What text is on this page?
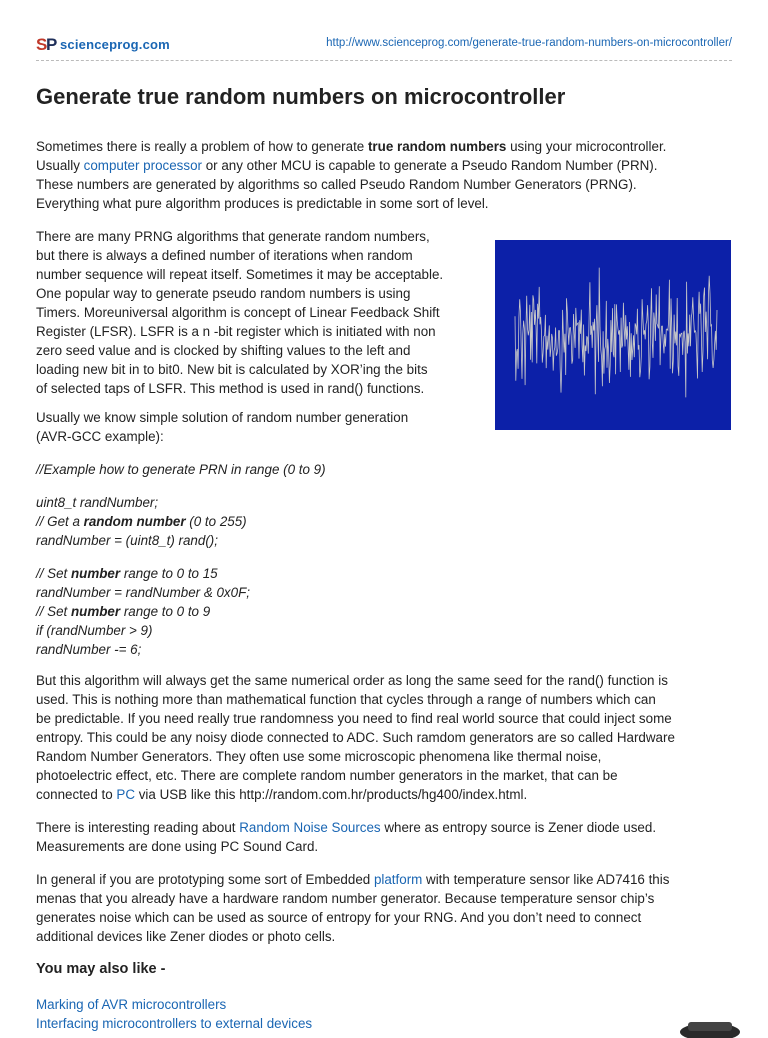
S
P scienceprog.com	http://www.scienceprog.com/generate-true-random-numbers-on-microcontroller/
Generate true random numbers on microcontroller

Sometimes there is really a problem of how to generate true random numbers using your microcontroller.
Usually computer processor or any other MCU is capable to generate a Pseudo Random Number (PRN).
These numbers are generated by algorithms so called Pseudo Random Number Generators (PRNG).
Everything what pure algorithm produces is predictable in some sort of level.

There are many PRNG algorithms that generate random numbers,
but there is always a defined number of iterations when random
number sequence will repeat itself. Sometimes it may be acceptable.
One popular way to generate pseudo random numbers is using
Timers. Moreuniversal algorithm is concept of Linear Feedback Shift
Register (LFSR). LSFR is a n -bit register which is initiated with non
zero seed value and is clocked by shifting values to the left and
loading new bit in to bit0. New bit is calculated by XOR’ing the bits
of selected taps of LSFR. This method is used in rand() functions.

Usually we know simple solution of random number generation
(AVR-GCC example):

//Example how to generate PRN in range (0 to 9)

uint8_t randNumber;
// Get a random number (0 to 255)
randNumber = (uint8_t) rand();

// Set number range to 0 to 15
randNumber = randNumber & 0x0F;
// Set number range to 0 to 9
if (randNumber > 9)
randNumber -= 6;

But this algorithm will always get the same numerical order as long the same seed for the rand() function is
used. This is nothing more than mathematical function that cycles through a range of numbers which can
be predictable. If you need really true randomness you need to find real world source that could inject some
entropy. This could be any noisy diode connected to ADC. Such ramdom generators are so called Hardware
Random Number Generators. They often use some microscopic phenomena like thermal noise,
photoelectric effect, etc. There are complete random number generators in the market, that can be
connected to PC via USB like this http://random.com.hr/products/hg400/index.html.

There is interesting reading about Random Noise Sources where as entropy source is Zener diode used.
Measurements are done using PC Sound Card.

In general if you are prototyping some sort of Embedded platform with temperature sensor like AD7416 this
menas that you already have a hardware random number generator. Because temperature sensor chip’s
generates noise which can be used as source of entropy for your RNG. And you don’t need to connect
additional devices like Zener diodes or photo cells.

You may also like -
Marking of AVR microcontrollers
Interfacing microcontrollers to external devices
